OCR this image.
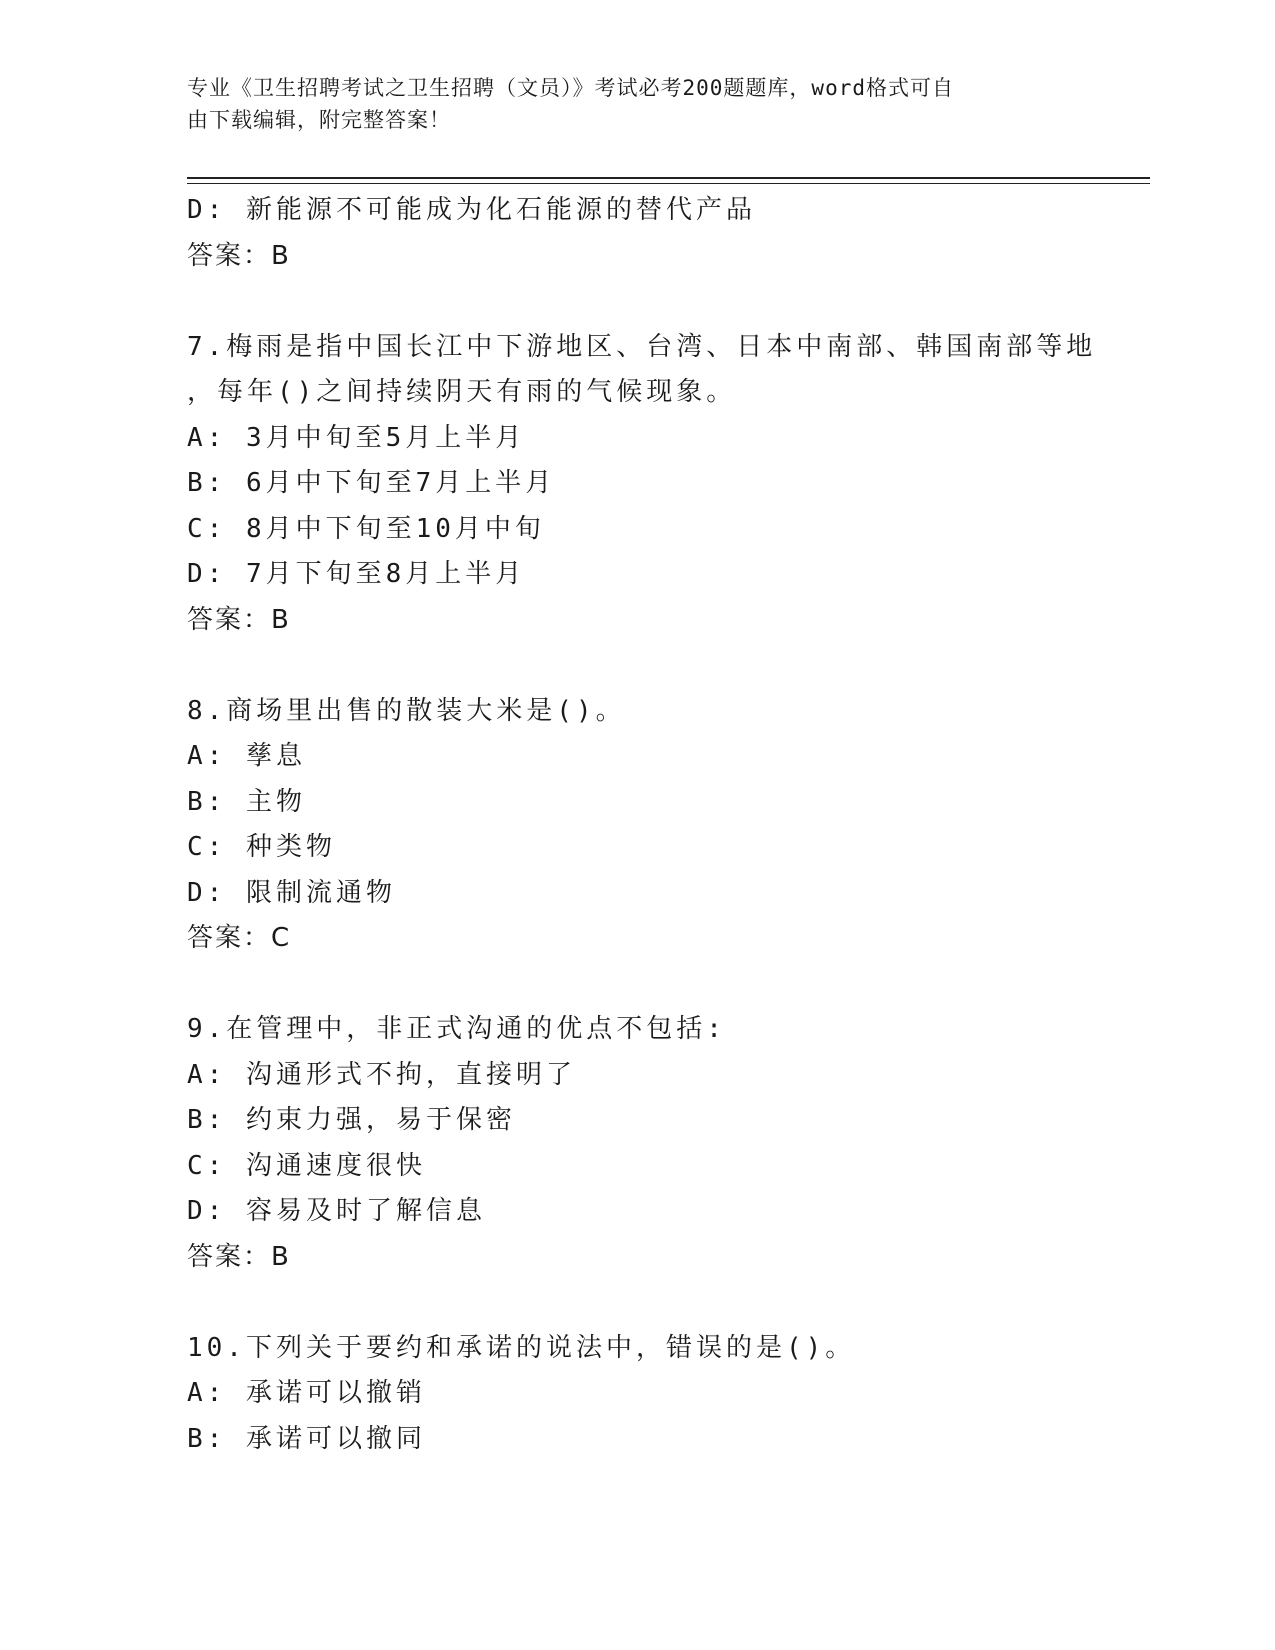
专业《卫生招聘考试之卫生招聘（文员）》考试必考200题题库，word格式可自
由下载编辑，附完整答案！
D: 新能源不可能成为化石能源的替代产品
答案：B
7.梅雨是指中国长江中下游地区、台湾、日本中南部、韩国南部等地
，每年()之间持续阴天有雨的气候现象。
A: 3月中旬至5月上半月
B: 6月中下旬至7月上半月
C: 8月中下旬至10月中旬
D: 7月下旬至8月上半月
答案：B
8.商场里出售的散装大米是()。
A: 孳息
B: 主物
C: 种类物
D: 限制流通物
答案：C
9.在管理中，非正式沟通的优点不包括:
A: 沟通形式不拘，直接明了
B: 约束力强，易于保密
C: 沟通速度很快
D: 容易及时了解信息
答案：B
10.下列关于要约和承诺的说法中，错误的是()。
A: 承诺可以撤销
B: 承诺可以撤同
